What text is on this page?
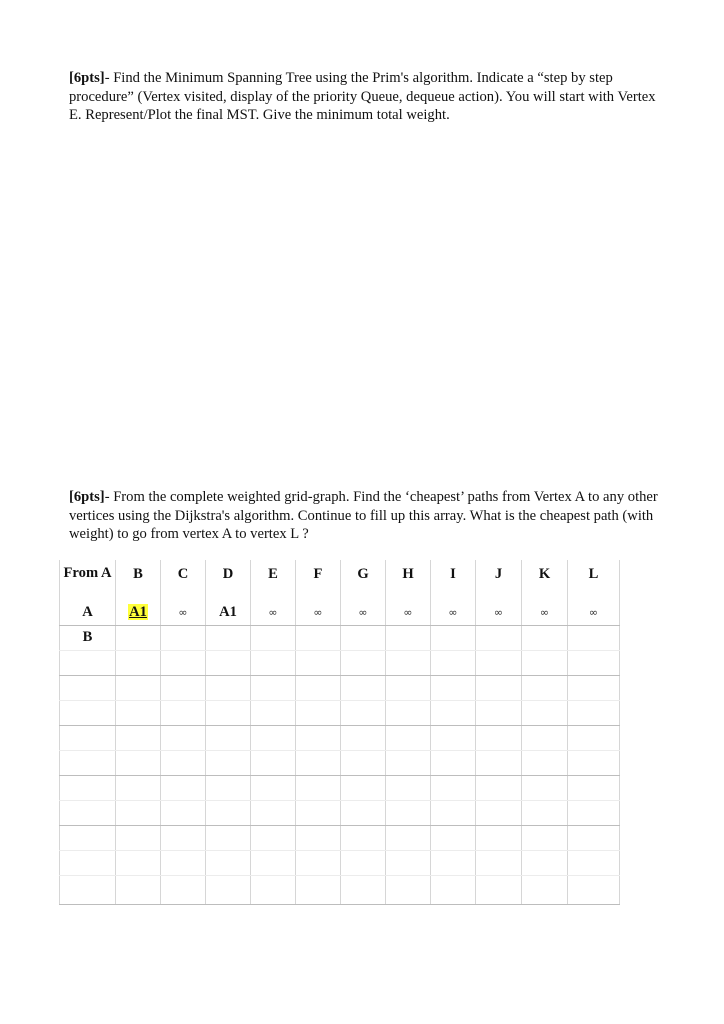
[6pts]- Find the Minimum Spanning Tree using the Prim's algorithm. Indicate a “step by step procedure” (Vertex visited, display of the priority Queue, dequeue action). You will start with Vertex E. Represent/Plot the final MST. Give the minimum total weight.

[6pts]- From the complete weighted grid-graph. Find the ‘cheapest’ paths from Vertex A to any other vertices using the Dijkstra's algorithm. Continue to fill up this array. What is the cheapest path (with weight) to go from vertex A to vertex L ?

From A	B	C	D	E	F	G	H	I	J	K	L
A	A1	∞	A1	∞	∞	∞	∞	∞	∞	∞	∞
B											
